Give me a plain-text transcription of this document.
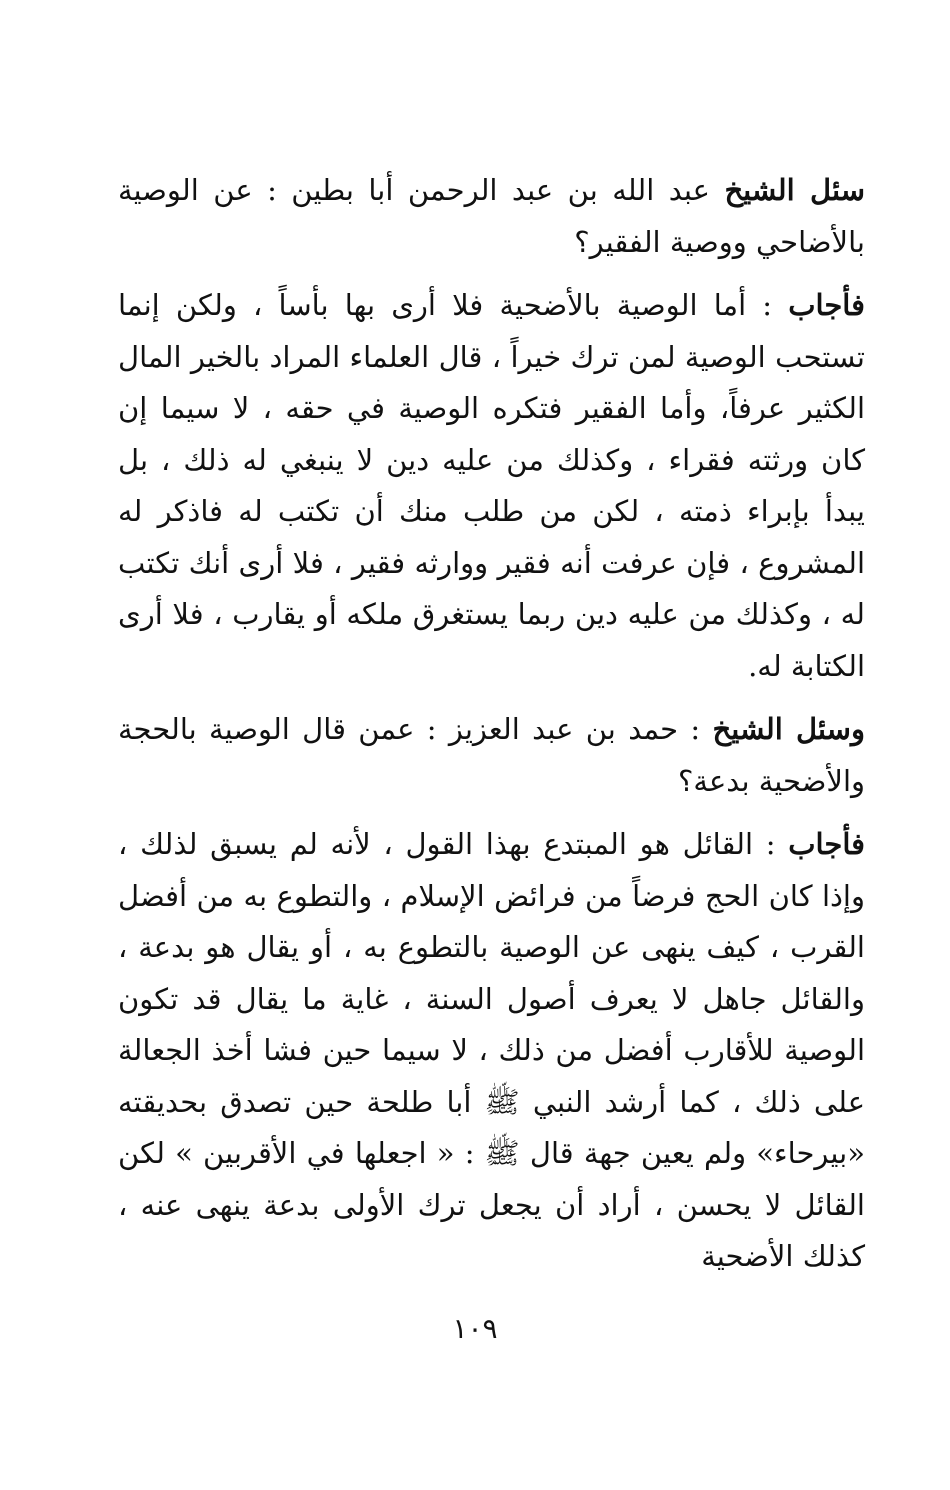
سئل الشيخ عبد الله بن عبد الرحمن أبا بطين : عن الوصية بالأضاحي ووصية الفقير؟

فأجاب : أما الوصية بالأضحية فلا أرى بها بأساً ، ولكن إنما تستحب الوصية لمن ترك خيراً ، قال العلماء المراد بالخير المال الكثير عرفاً، وأما الفقير فتكره الوصية في حقه ، لا سيما إن كان ورثته فقراء ، وكذلك من عليه دين لا ينبغي له ذلك ، بل يبدأ بإبراء ذمته ، لكن من طلب منك أن تكتب له فاذكر له المشروع ، فإن عرفت أنه فقير ووارثه فقير ، فلا أرى أنك تكتب له ، وكذلك من عليه دين ربما يستغرق ملكه أو يقارب ، فلا أرى الكتابة له.

وسئل الشيخ : حمد بن عبد العزيز : عمن قال الوصية بالحجة والأضحية بدعة؟

فأجاب : القائل هو المبتدع بهذا القول ، لأنه لم يسبق لذلك ، وإذا كان الحج فرضاً من فرائض الإسلام ، والتطوع به من أفضل القرب ، كيف ينهى عن الوصية بالتطوع به ، أو يقال هو بدعة ، والقائل جاهل لا يعرف أصول السنة ، غاية ما يقال قد تكون الوصية للأقارب أفضل من ذلك ، لا سيما حين فشا أخذ الجعالة على ذلك ، كما أرشد النبي ﷺ أبا طلحة حين تصدق بحديقته «بيرحاء» ولم يعين جهة قال ﷺ : « اجعلها في الأقربين » لكن القائل لا يحسن ، أراد أن يجعل ترك الأولى بدعة ينهى عنه ، كذلك الأضحية

١٠٩
